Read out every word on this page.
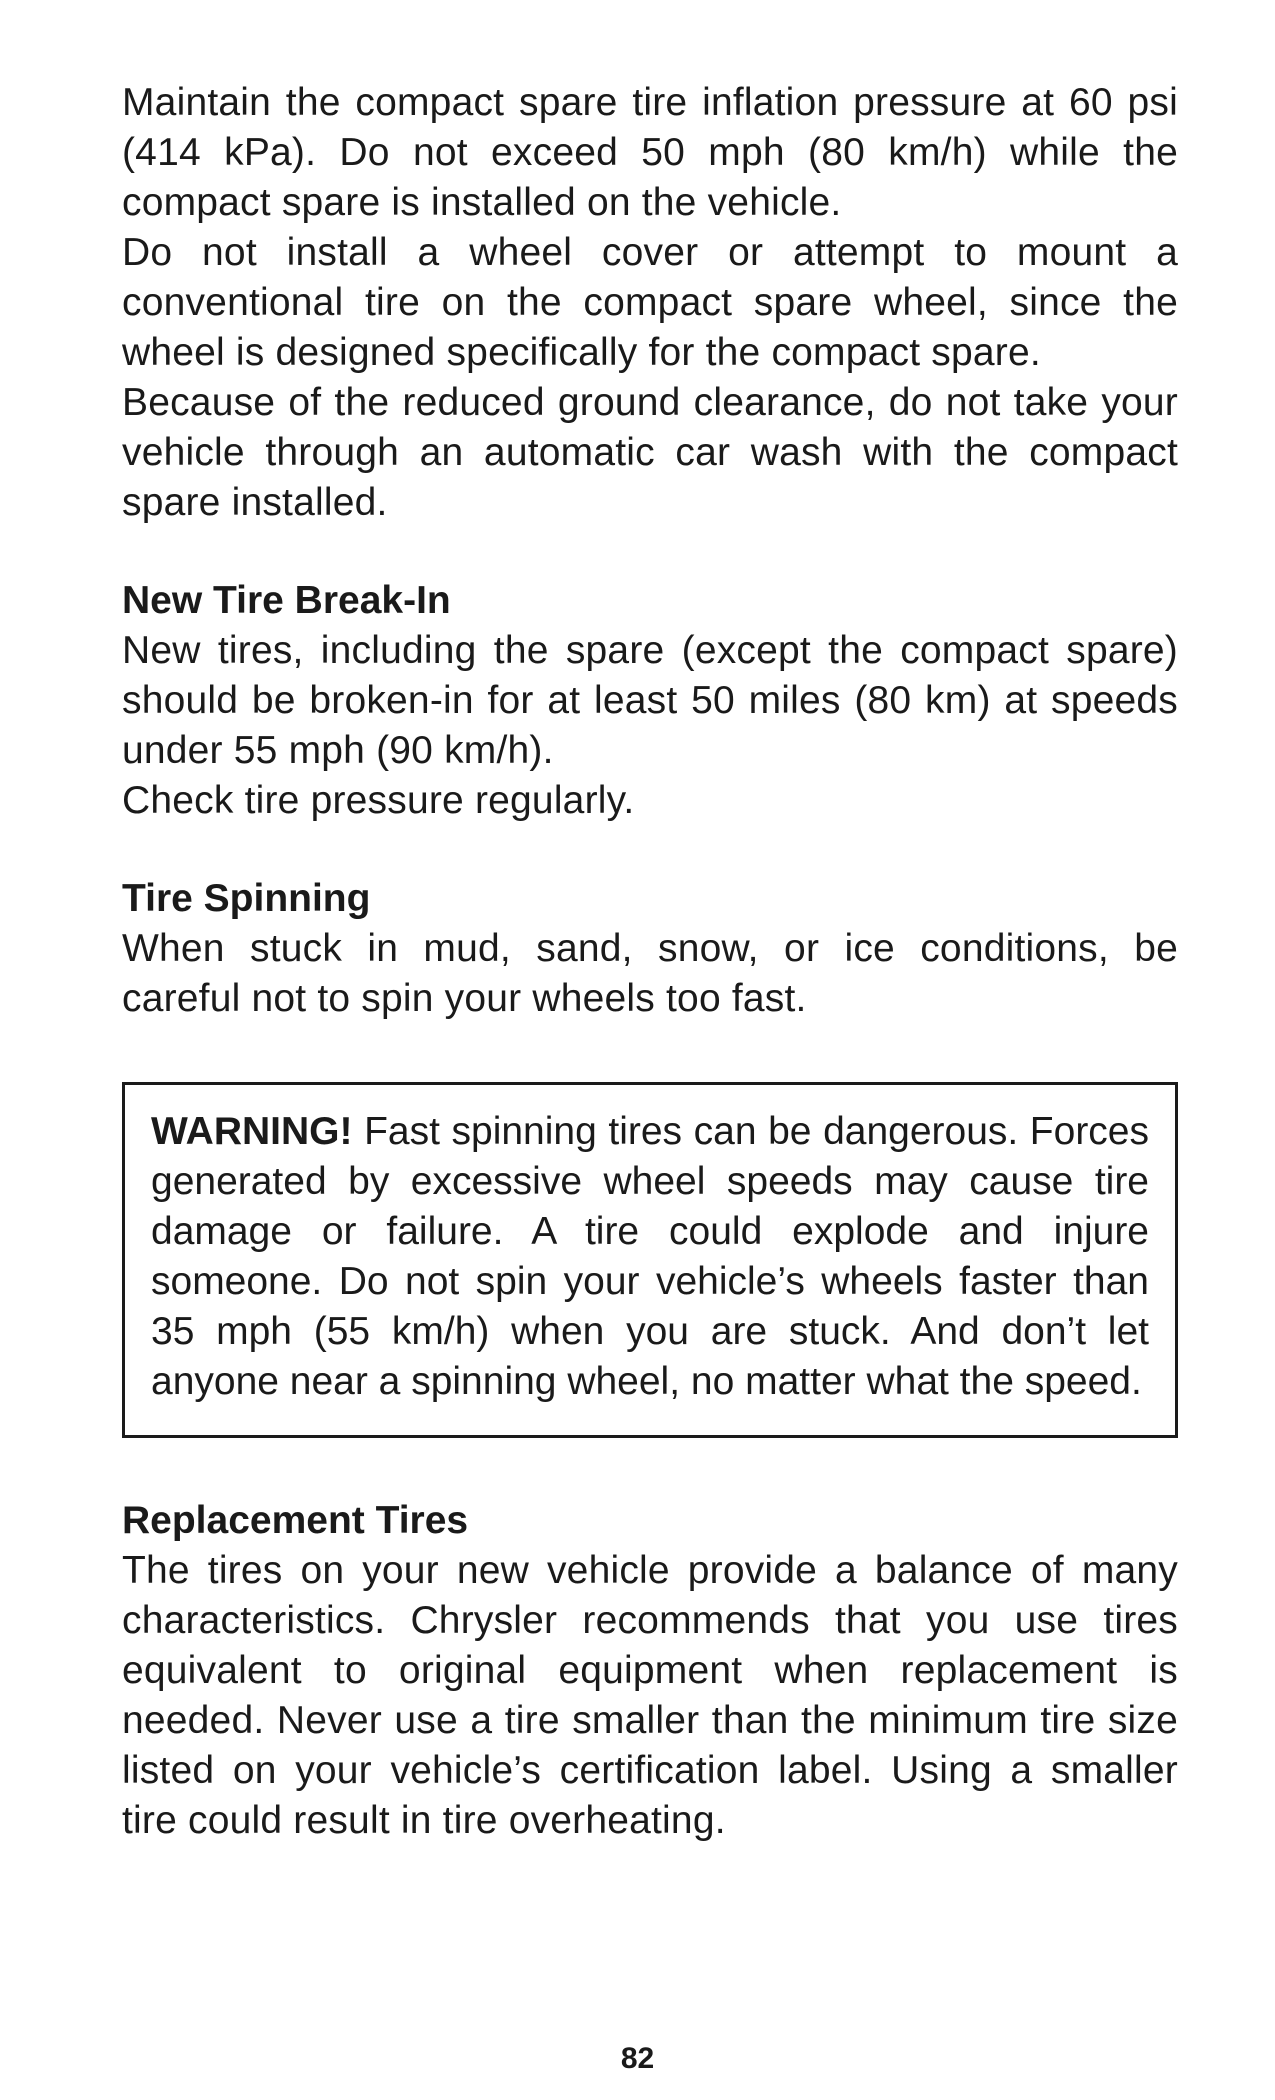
Maintain the compact spare tire inflation pressure at 60 psi (414 kPa). Do not exceed 50 mph (80 km/h) while the compact spare is installed on the vehicle.

Do not install a wheel cover or attempt to mount a conventional tire on the compact spare wheel, since the wheel is designed specifically for the compact spare.

Because of the reduced ground clearance, do not take your vehicle through an automatic car wash with the compact spare installed.

New Tire Break-In

New tires, including the spare (except the compact spare) should be broken-in for at least 50 miles (80 km) at speeds under 55 mph (90 km/h).

Check tire pressure regularly.

Tire Spinning

When stuck in mud, sand, snow, or ice conditions, be careful not to spin your wheels too fast.

WARNING! Fast spinning tires can be dangerous. Forces generated by excessive wheel speeds may cause tire damage or failure. A tire could explode and injure someone. Do not spin your vehicle’s wheels faster than 35 mph (55 km/h) when you are stuck. And don’t let anyone near a spinning wheel, no matter what the speed.

Replacement Tires

The tires on your new vehicle provide a balance of many characteristics. Chrysler recommends that you use tires equivalent to original equipment when replacement is needed. Never use a tire smaller than the minimum tire size listed on your vehicle’s certification label. Using a smaller tire could result in tire overheating.

82
